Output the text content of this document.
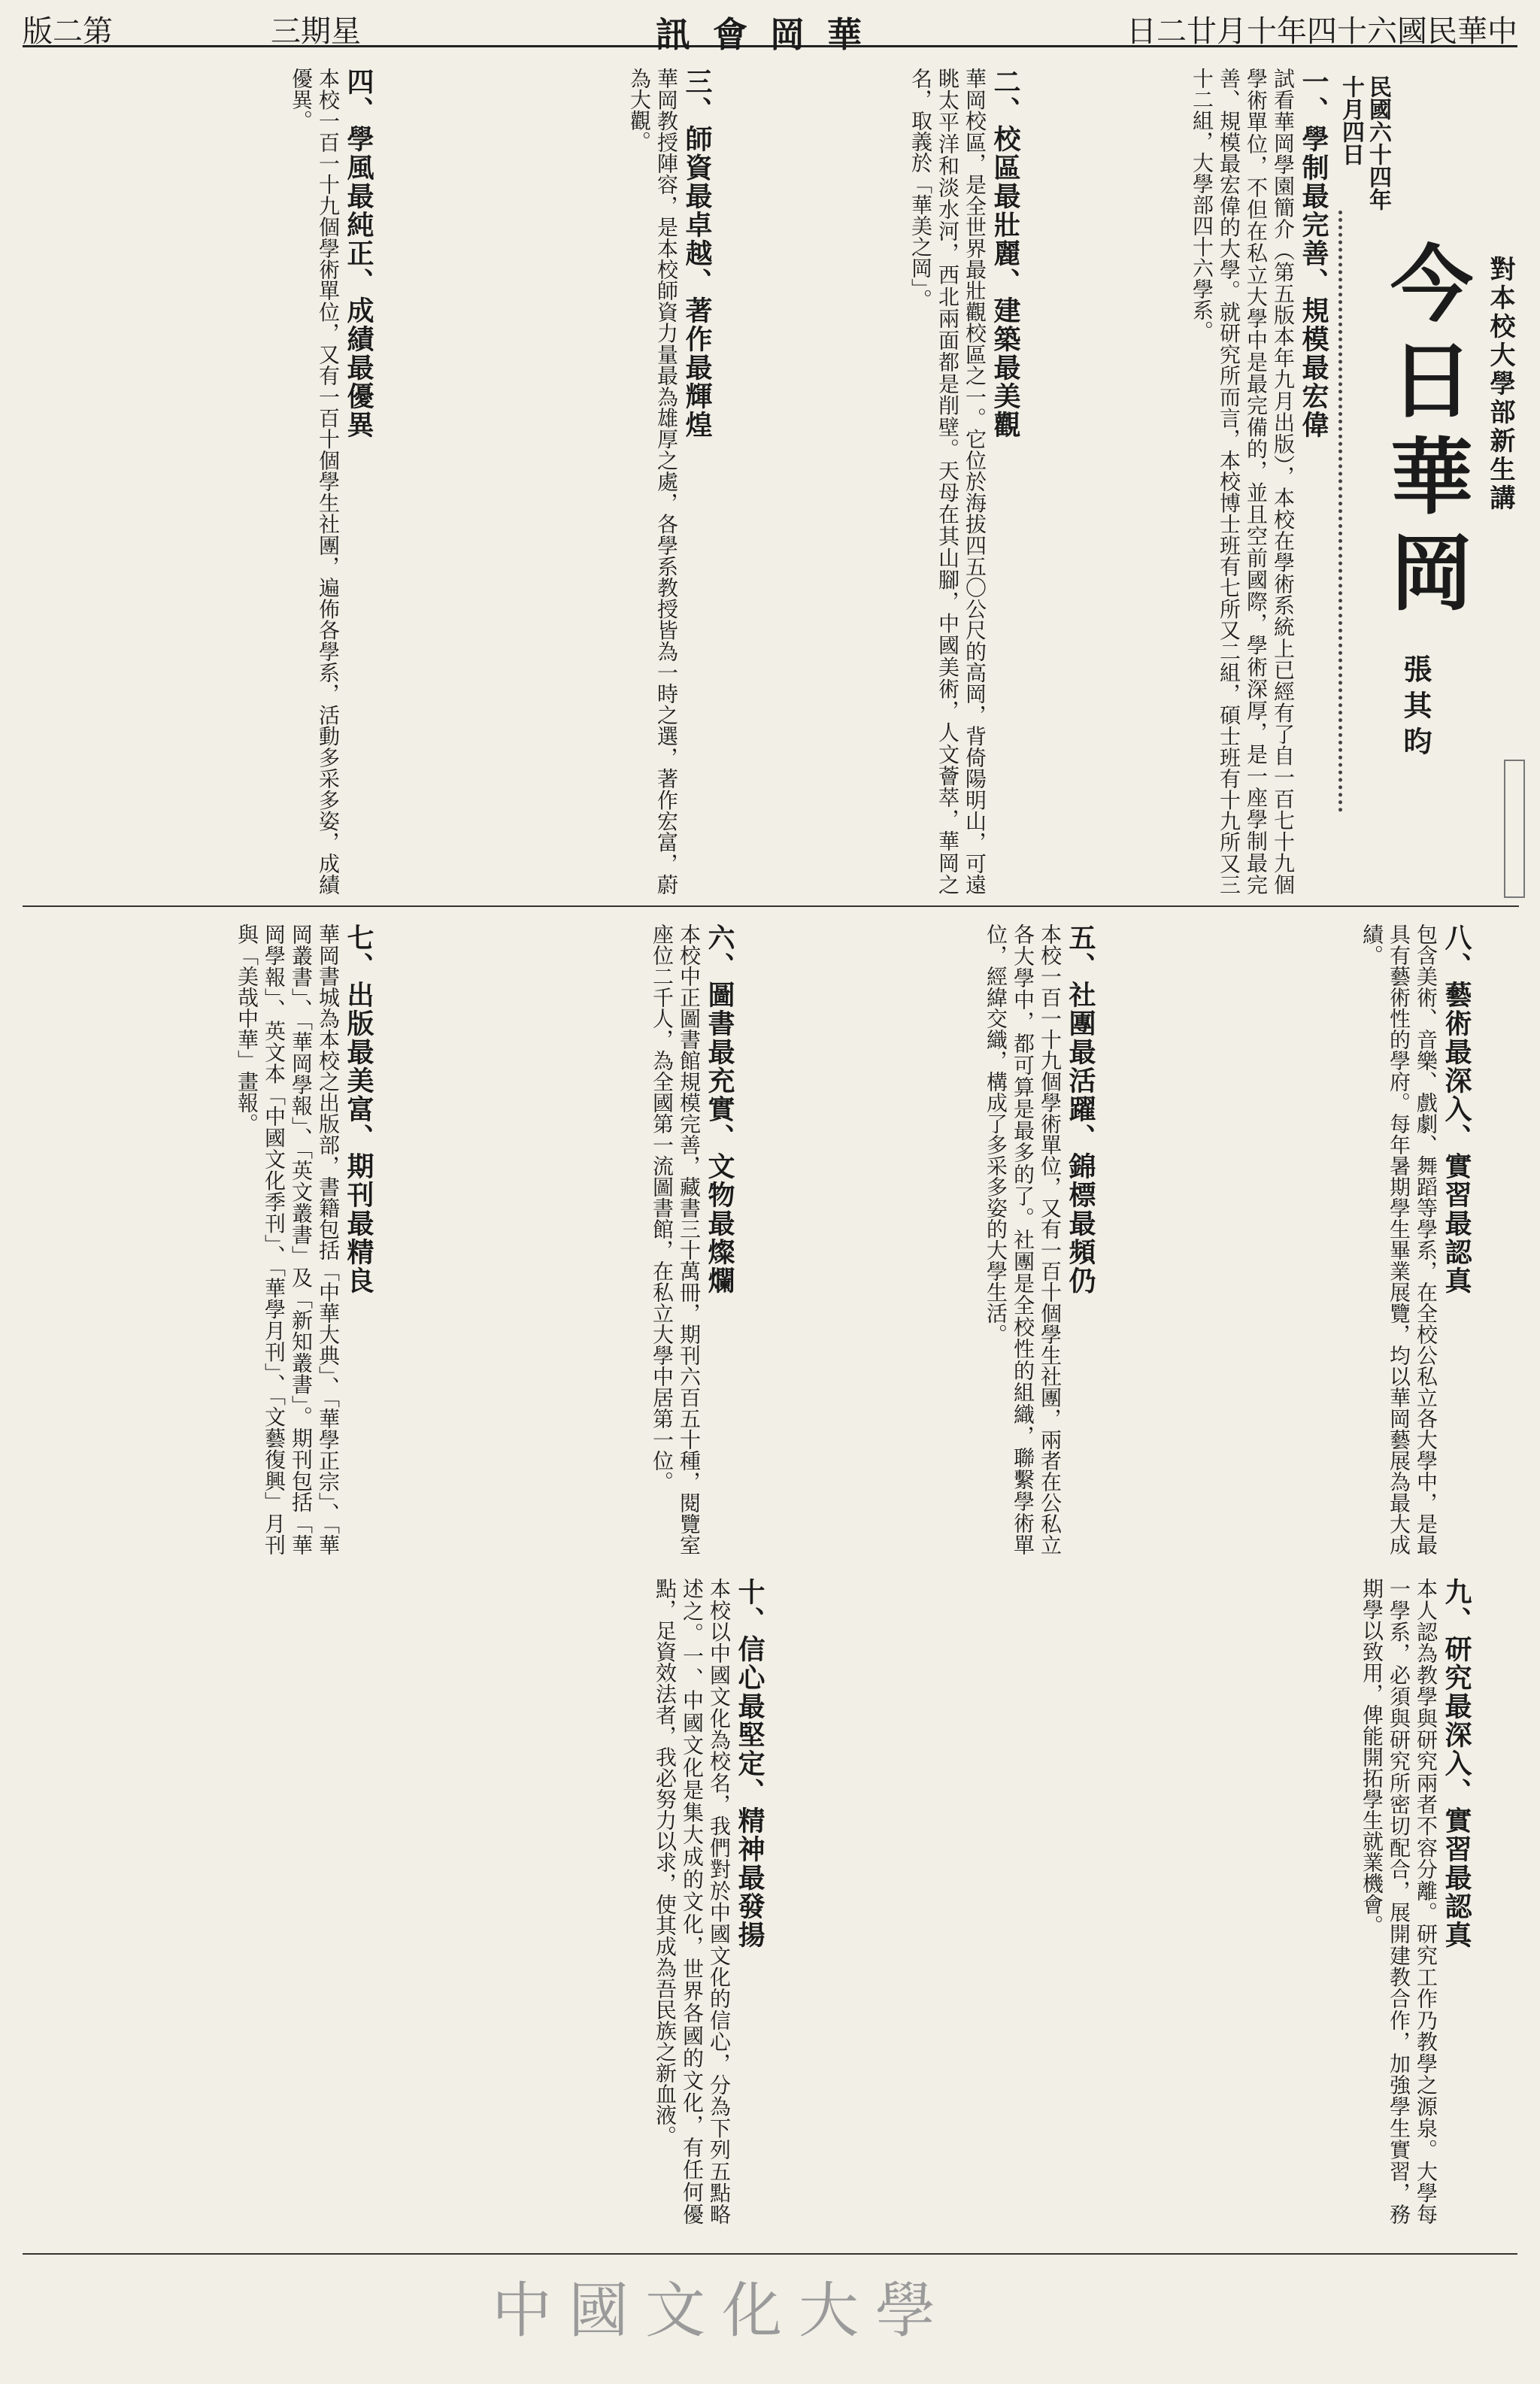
版二第	三期星	訊會岡華	日二廿月十年四十六國民華中
今日華岡 對本校大學部新生講
張其昀
民國六十四年十月四日
一、學制最完善、規模最宏偉
試看華岡學園簡介（第五版本年九月出版），本校在學術系統上已經有了自一百七十九個學術單位，不但在私立大學中是最完備的，並且空前國際，學術深厚，是一座學制最完善、規模最宏偉的大學。就研究所而言，本校博士班有七所又二組，碩士班有十九所又三十二組，大學部四十六學系。
二、校區最壯麗、建築最美觀
華岡校區，是全世界最壯觀校區之一。它位於海拔四五〇公尺的高岡，背倚陽明山，可遠眺太平洋和淡水河，西北兩面都是削壁。天母在其山腳，中國美術，人文薈萃，華岡之名，取義於「華美之岡」。
三、師資最卓越、著作最輝煌
華岡教授陣容，是本校師資力量最為雄厚之處，各學系教授皆為一時之選，著作宏富，蔚為大觀。
四、學風最純正、成績最優異
本校一百一十九個學術單位，又有一百十個學生社團，遍佈各學系，活動多采多姿，成績優異。
八、藝術最深入、實習最認真
包含美術、音樂、戲劇、舞蹈等學系，在全校公私立各大學中，是最具有藝術性的學府。每年暑期學生畢業展覽，均以華岡藝展為最大成績。
五、社團最活躍、錦標最頻仍
本校一百一十九個學術單位，又有一百十個學生社團，兩者在公私立各大學中，都可算是最多的了。社團是全校性的組織，聯繫學術單位，經緯交織，構成了多采多姿的大學生活。
六、圖書最充實、文物最燦爛
本校中正圖書館規模完善，藏書三十萬冊，期刊六百五十種，閱覽室座位二千人，為全國第一流圖書館，在私立大學中居第一位。
七、出版最美富、期刊最精良
華岡書城為本校之出版部，書籍包括「中華大典」、「華學正宗」、「華岡叢書」、「華岡學報」、「英文叢書」及「新知叢書」。期刊包括「華岡學報」、英文本「中國文化季刊」、「華學月刊」、「文藝復興」月刊與「美哉中華」畫報。
九、研究最深入、實習最認真
本人認為教學與研究兩者不容分離。研究工作乃教學之源泉。大學每一學系，必須與研究所密切配合，展開建教合作，加強學生實習，務期學以致用，俾能開拓學生就業機會。
十、信心最堅定、精神最發揚
本校以中國文化為校名，我們對於中國文化的信心，分為下列五點略述之。一、中國文化是集大成的文化，世界各國的文化，有任何優點，足資效法者，我必努力以求，使其成為吾民族之新血液。
中國文化大學
